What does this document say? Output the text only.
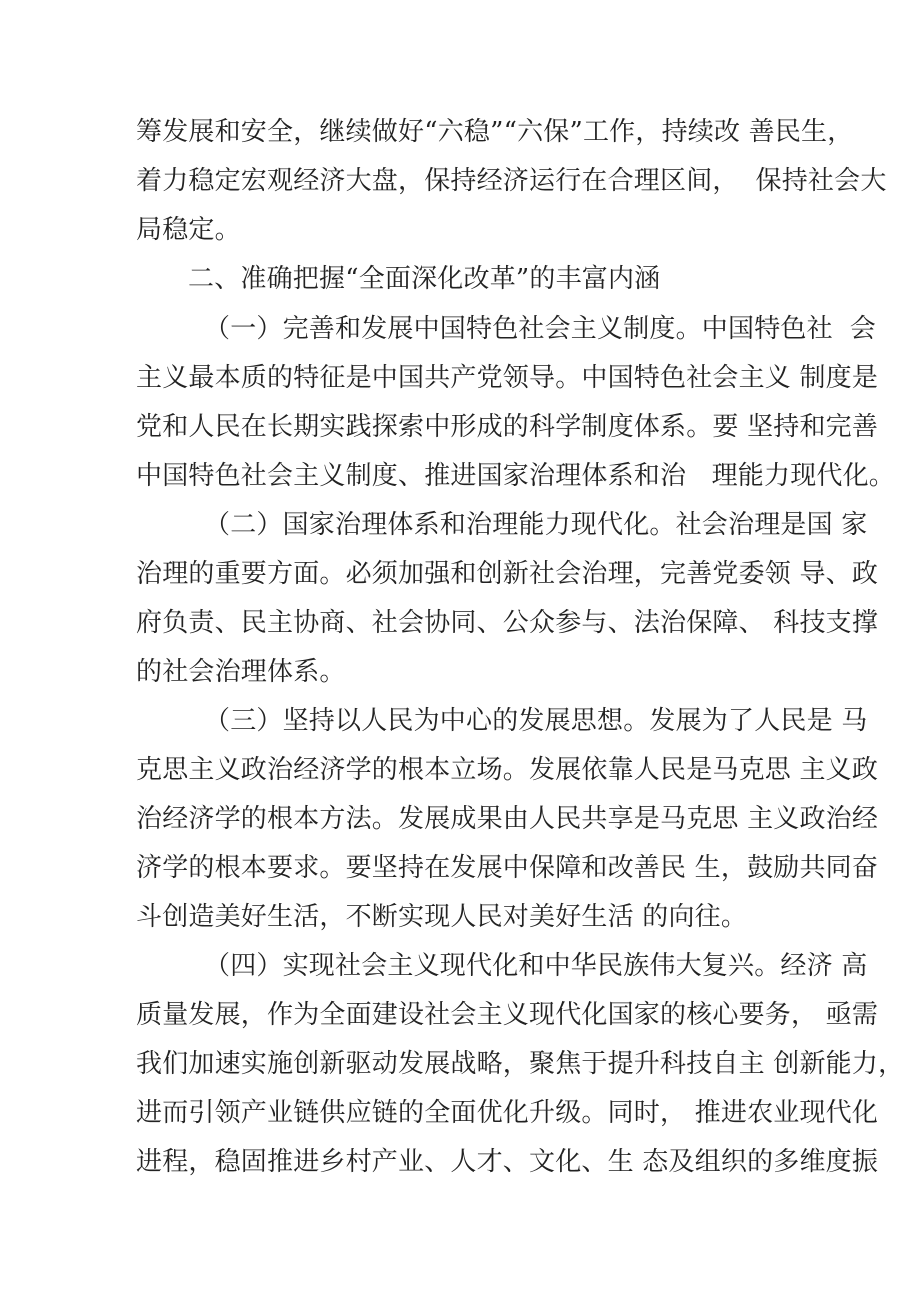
筹发展和安全，继续做好“六稳”“六保”工作，持续改 善民生，
着力稳定宏观经济大盘，保持经济运行在合理区间，  保持社会大
局稳定。
二、准确把握“全面深化改革”的丰富内涵
（一）完善和发展中国特色社会主义制度。中国特色社  会
主义最本质的特征是中国共产党领导。中国特色社会主义 制度是
党和人民在长期实践探索中形成的科学制度体系。要 坚持和完善
中国特色社会主义制度、推进国家治理体系和治   理能力现代化。
（二）国家治理体系和治理能力现代化。社会治理是国 家
治理的重要方面。必须加强和创新社会治理，完善党委领 导、政
府负责、民主协商、社会协同、公众参与、法治保障、 科技支撑
的社会治理体系。
（三）坚持以人民为中心的发展思想。发展为了人民是 马
克思主义政治经济学的根本立场。发展依靠人民是马克思 主义政
治经济学的根本方法。发展成果由人民共享是马克思 主义政治经
济学的根本要求。要坚持在发展中保障和改善民 生，鼓励共同奋
斗创造美好生活，不断实现人民对美好生活 的向往。
（四）实现社会主义现代化和中华民族伟大复兴。经济 高
质量发展，作为全面建设社会主义现代化国家的核心要务， 亟需
我们加速实施创新驱动发展战略，聚焦于提升科技自主 创新能力，
进而引领产业链供应链的全面优化升级。同时， 推进农业现代化
进程，稳固推进乡村产业、人才、文化、生 态及组织的多维度振
